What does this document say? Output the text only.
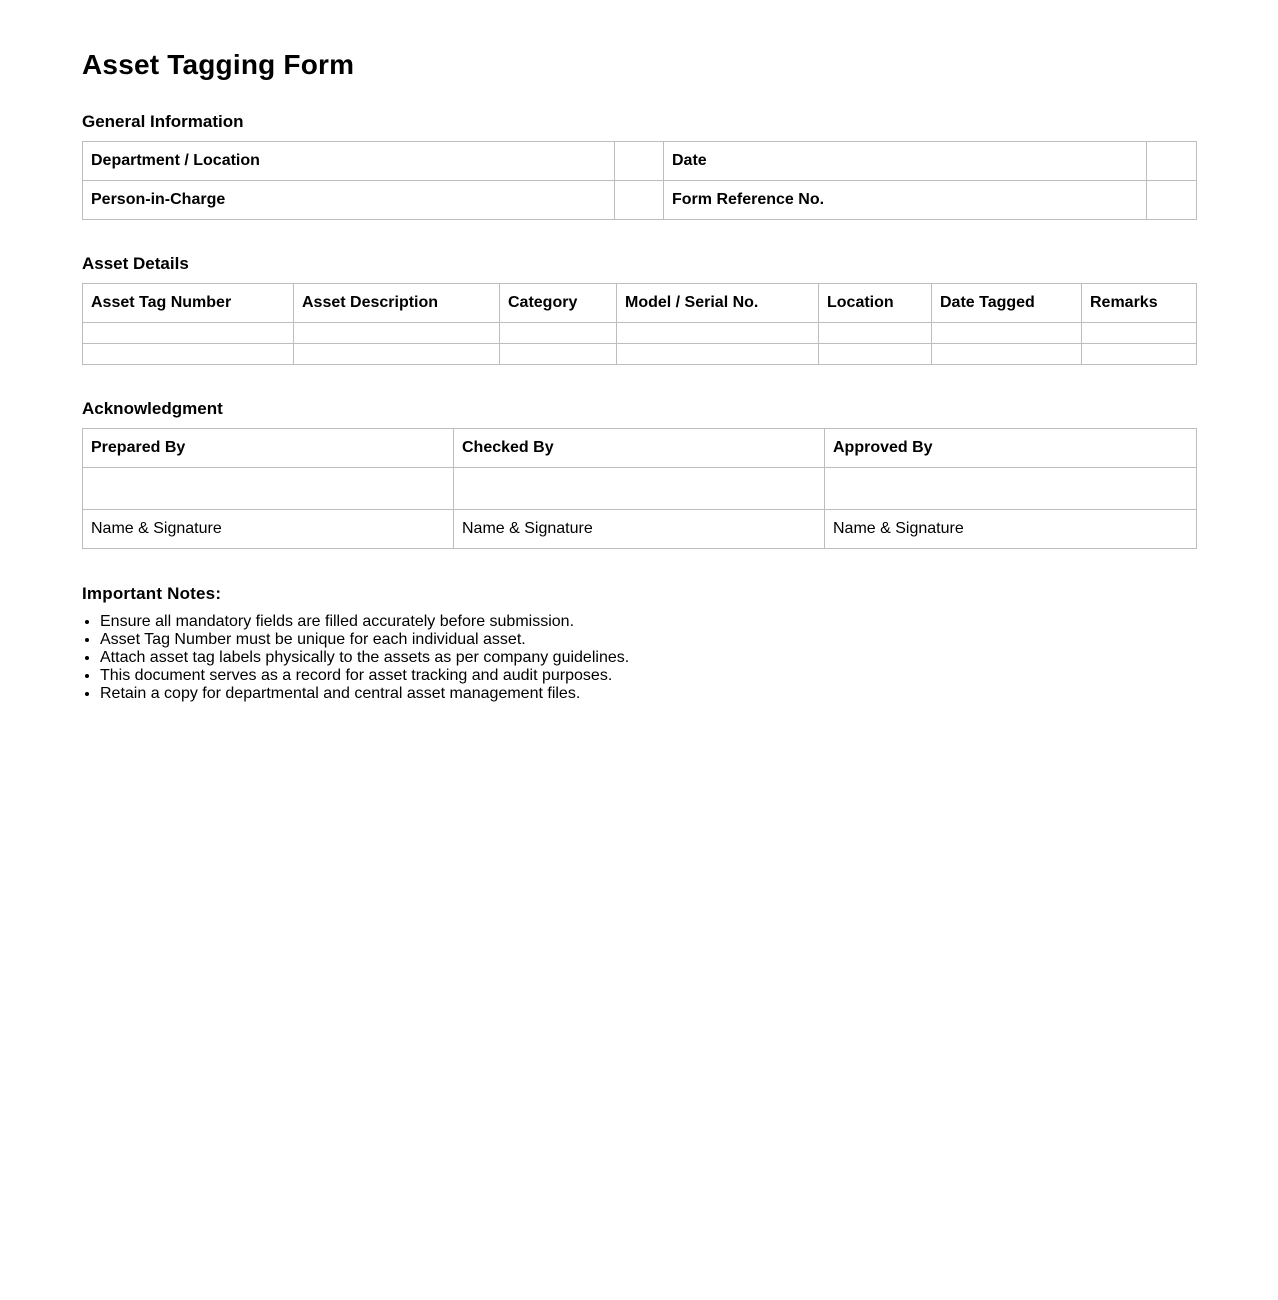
Asset Tagging Form
General Information
Department / Location		Date	
Person-in-Charge		Form Reference No.	
Asset Details
Asset Tag Number	Asset Description	Category	Model / Serial No.	Location	Date Tagged	Remarks

Acknowledgment
Prepared By	Checked By	Approved By

Name & Signature	Name & Signature	Name & Signature
Important Notes:
• Ensure all mandatory fields are filled accurately before submission.
• Asset Tag Number must be unique for each individual asset.
• Attach asset tag labels physically to the assets as per company guidelines.
• This document serves as a record for asset tracking and audit purposes.
• Retain a copy for departmental and central asset management files.
